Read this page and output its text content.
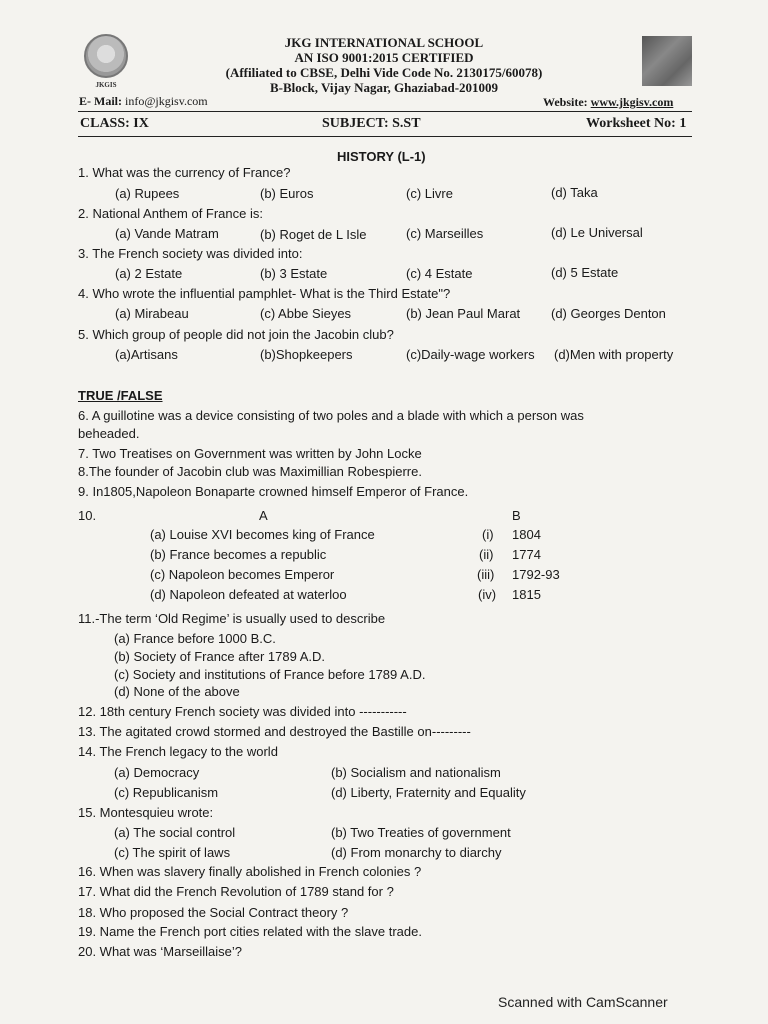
JKGIS
JKG INTERNATIONAL SCHOOL
AN ISO 9001:2015 CERTIFIED
(Affiliated to CBSE, Delhi Vide Code No. 2130175/60078)
B-Block, Vijay Nagar, Ghaziabad-201009
E- Mail: info@jkgisv.com	Website: www.jkgisv.com
CLASS: IX	SUBJECT: S.ST	Worksheet No: 1
HISTORY (L-1)
1. What was the currency of France?
(a) Rupees	(b) Euros	(c) Livre	(d) Taka
2. National Anthem of France is:
(a) Vande Matram	(b) Roget de L Isle	(c) Marseilles	(d) Le Universal
3. The French society was divided into:
(a) 2 Estate	(b) 3 Estate	(c) 4 Estate	(d) 5 Estate
4. Who wrote the influential pamphlet- What is the Third Estate"?
(a) Mirabeau	(c) Abbe Sieyes	(b) Jean Paul Marat (d) Georges Denton
5. Which group of people did not join the Jacobin club?
(a)Artisans	(b)Shopkeepers	(c)Daily-wage workers (d)Men with property
TRUE /FALSE
6. A guillotine was a device consisting of two poles and a blade with which a person was
beheaded.
7. Two Treatises on Government was written by John Locke
8.The founder of Jacobin club was Maximillian Robespierre.
9. In1805,Napoleon Bonaparte crowned himself Emperor of France.
10.	A	B
(a) Louise XVI becomes king of France	(i) 1804
(b) France becomes a republic	(ii) 1774
(c) Napoleon becomes Emperor	(iii) 1792-93
(d) Napoleon defeated at waterloo	(iv) 1815
11.-The term ‘Old Regime’ is usually used to describe
(a) France before 1000 B.C.
(b) Society of France after 1789 A.D.
(c) Society and institutions of France before 1789 A.D.
(d) None of the above
12. 18th century French society was divided into -----------
13. The agitated crowd stormed and destroyed the Bastille on---------
14. The French legacy to the world
(a) Democracy	(b) Socialism and nationalism
(c) Republicanism	(d) Liberty, Fraternity and Equality
15. Montesquieu wrote:
(a) The social control	(b) Two Treaties of government
(c) The spirit of laws	(d) From monarchy to diarchy
16. When was slavery finally abolished in French colonies ?
17. What did the French Revolution of 1789 stand for ?
18. Who proposed the Social Contract theory ?
19. Name the French port cities related with the slave trade.
20. What was ‘Marseillaise’?
Scanned with CamScanner
